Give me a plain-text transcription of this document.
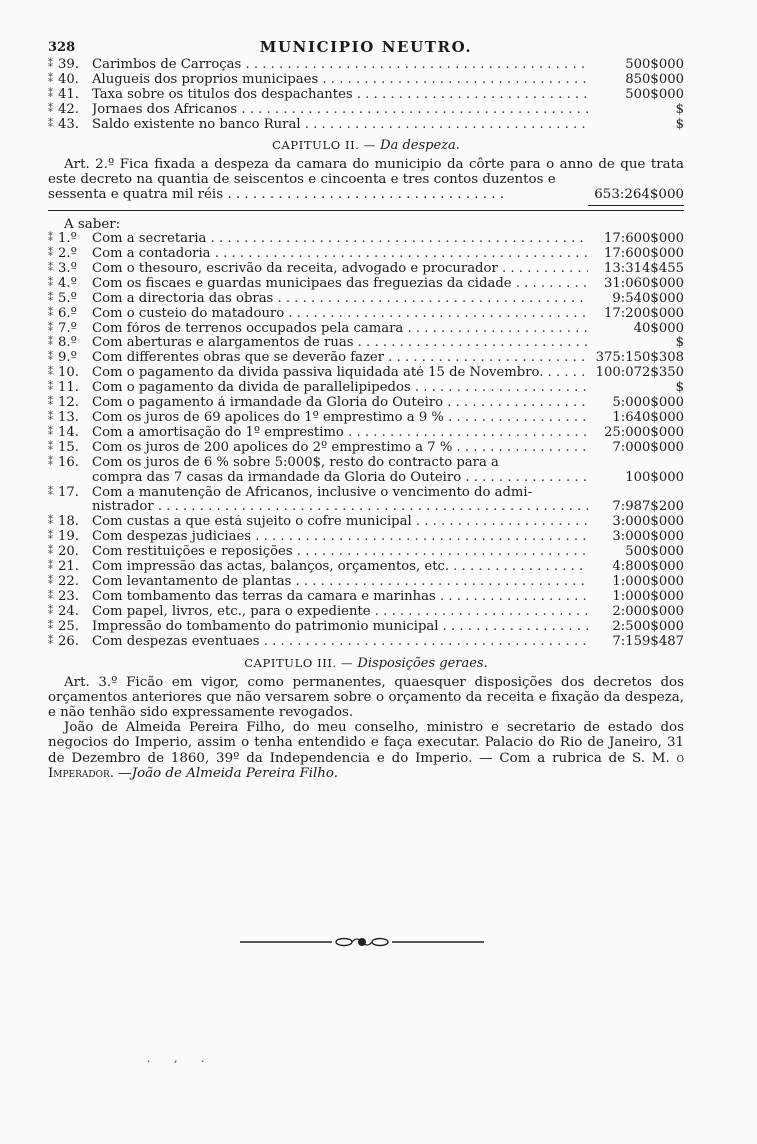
328	MUNICIPIO NEUTRO.
⁑ 39. Carimbos de Carroças . . .	500$000
⁑ 40. Alugueis dos proprios municipaes . . .	850$000
⁑ 41. Taxa sobre os titulos dos despachantes . . .	500$000
⁑ 42. Jornaes dos Africanos . . .	$
⁑ 43. Saldo existente no banco Rural . . .	$
CAPITULO II. — Da despeza.

Art. 2.º Fica fixada a despeza da camara do municipio da côrte para o anno de que trata este decreto na quantia de seiscentos e cincoenta e tres contos duzentos e

sessenta e quatra mil réis . . .	653:264$000
A saber:
⁑ 1.º	Com a secretaria . . .	17:600$000
⁑ 2.º	Com a contadoria . . .	17:600$000
⁑ 3.º	Com o thesouro, escrivão da receita, advogado e procurador . . .	13:314$455
⁑ 4.º	Com os fiscaes e guardas municipaes das freguezias da cidade . . .	31:060$000
⁑ 5.º	Com a directoria das obras . . .	9:540$000
⁑ 6.º	Com o custeio do matadouro . . .	17:200$000
⁑ 7.º	Com fóros de terrenos occupados pela camara . . .	40$000
⁑ 8.º	Com aberturas e alargamentos de ruas . . .	$
⁑ 9.º	Com differentes obras que se deverão fazer . . .	375:150$308
⁑ 10. Com o pagamento da divida passiva liquidada até 15 de Novembro. . . .	100:072$350
⁑ 11. Com o pagamento da divida de parallelipipedos . . .	$
⁑ 12. Com o pagamento á irmandade da Gloria do Outeiro . . .	5:000$000
⁑ 13. Com os juros de 69 apolices do 1º emprestimo a 9 % . . .	1:640$000
⁑ 14. Com a amortisação do 1º emprestimo . . .	25:000$000
⁑ 15. Com os juros de 200 apolices do 2º emprestimo a 7 % . . .	7:000$000
⁑ 16. Com os juros de 6 % sobre 5:000$, resto do contracto para a
compra das 7 casas da irmandade da Gloria do Outeiro . . .	100$000
⁑ 17. Com a manutenção de Africanos, inclusive o vencimento do admi-
nistrador . . .	7:987$200
⁑ 18. Com custas a que está sujeito o cofre municipal . . .	3:000$000
⁑ 19. Com despezas judiciaes . . .	3:000$000
⁑ 20. Com restituições e reposições . . .	500$000
⁑ 21. Com impressão das actas, balanços, orçamentos, etc. . . .	4:800$000
⁑ 22. Com levantamento de plantas . . .	1:000$000
⁑ 23. Com tombamento das terras da camara e marinhas . . .	1:000$000
⁑ 24. Com papel, livros, etc., para o expediente . . .	2:000$000
⁑ 25. Impressão do tombamento do patrimonio municipal . . .	2:500$000
⁑ 26. Com despezas eventuaes . . .	7:159$487
CAPITULO III. — Disposições geraes.

Art. 3.º Ficão em vigor, como permanentes, quaesquer disposições dos decretos dos orçamentos anteriores que não versarem sobre o orçamento da receita e fixação da despeza, e não tenhão sido expressamente revogados.

João de Almeida Pereira Filho, do meu conselho, ministro e secretario de estado dos negocios do Imperio, assim o tenha entendido e faça executar. Palacio do Rio de Janeiro, 31 de Dezembro de 1860, 39º da Independencia e do Imperio. — Com a rubrica de S. M. o Imperador. —João de Almeida Pereira Filho.

. , .
